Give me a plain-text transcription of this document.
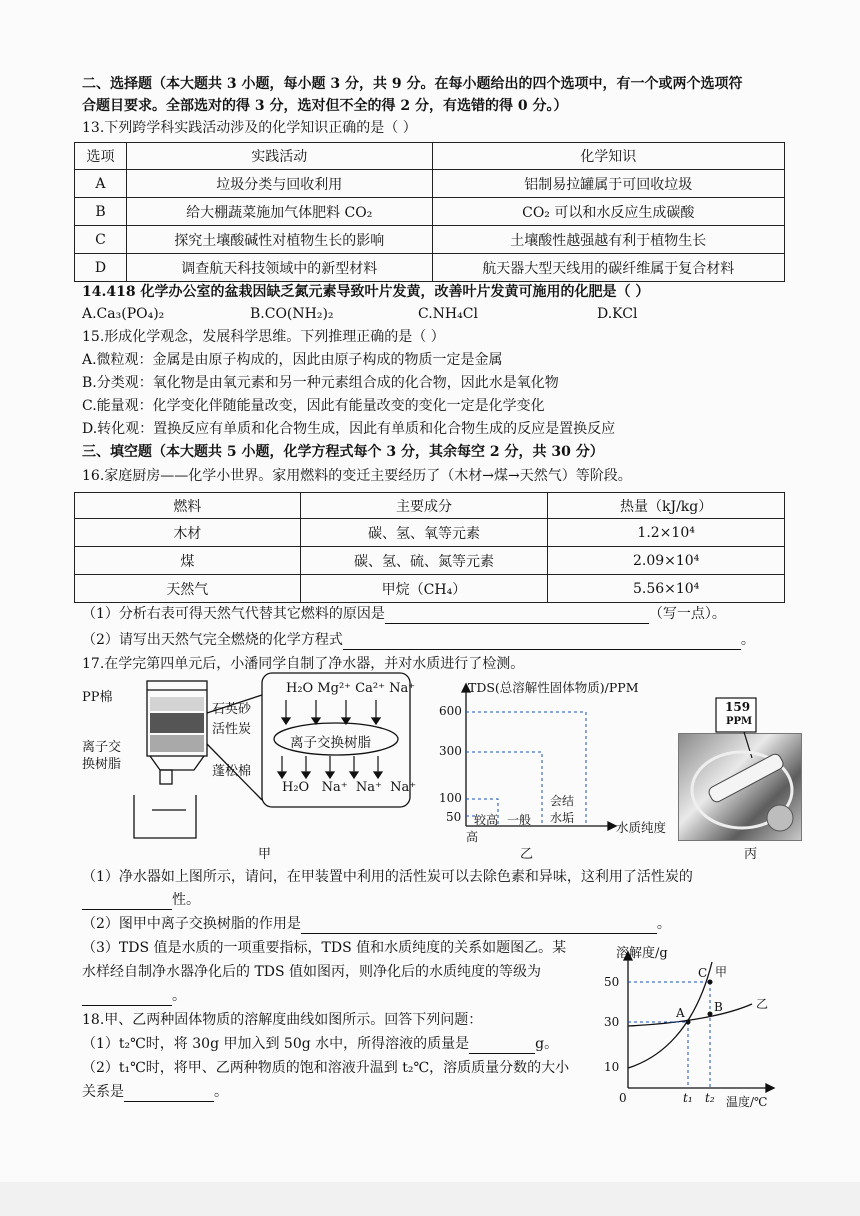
二、选择题（本大题共 3 小题，每小题 3 分，共 9 分。在每小题给出的四个选项中，有一个或两个选项符
合题目要求。全部选对的得 3 分，选对但不全的得 2 分，有选错的得 0 分。）
13.下列跨学科实践活动涉及的化学知识正确的是（ ）
选项	实践活动	化学知识
A	垃圾分类与回收利用	铝制易拉罐属于可回收垃圾
B	给大棚蔬菜施加气体肥料 CO₂	CO₂ 可以和水反应生成碳酸
C	探究土壤酸碱性对植物生长的影响	土壤酸性越强越有利于植物生长
D	调查航天科技领域中的新型材料	航天器大型天线用的碳纤维属于复合材料
14.418 化学办公室的盆栽因缺乏氮元素导致叶片发黄，改善叶片发黄可施用的化肥是（ ）
A.Ca₃(PO₄)₂	B.CO(NH₂)₂	C.NH₄Cl	D.KCl
15.形成化学观念，发展科学思维。下列推理正确的是（ ）
A.微粒观：金属是由原子构成的，因此由原子构成的物质一定是金属
B.分类观：氧化物是由氧元素和另一种元素组合成的化合物，因此水是氧化物
C.能量观：化学变化伴随能量改变，因此有能量改变的变化一定是化学变化
D.转化观：置换反应有单质和化合物生成，因此有单质和化合物生成的反应是置换反应
三、填空题（本大题共 5 小题，化学方程式每个 3 分，其余每空 2 分，共 30 分）
16.家庭厨房——化学小世界。家用燃料的变迁主要经历了（木材→煤→天然气）等阶段。
燃料	主要成分	热量（kJ/kg）
木材	碳、氢、氧等元素	1.2×10⁴
煤	碳、氢、硫、氮等元素	2.09×10⁴
天然气	甲烷（CH₄）	5.56×10⁴
（1）分析右表可得天然气代替其它燃料的原因是	（写一点）。
（2）请写出天然气完全燃烧的化学方程式	。
17.在学完第四单元后，小潘同学自制了净水器，并对水质进行了检测。
PP棉
石英砂
活性炭
离子交
换树脂	蓬松棉
H₂O Mg²⁺ Ca²⁺ Na⁺
离子交换树脂
H₂O   Na⁺  Na⁺  Na⁺
甲
TDS(总溶解性固体物质)/PPM
600
300
100
50 较高
高
一般
会结
水垢
水质纯度
乙
159
PPM
丙
（1）净水器如上图所示，请问，在甲装置中利用的活性炭可以去除色素和异味，这利用了活性炭的
性。
（2）图甲中离子交换树脂的作用是	。
（3）TDS 值是水质的一项重要指标，TDS 值和水质纯度的关系如题图乙。某
水样经自制净水器净化后的 TDS 值如图丙，则净化后的水质纯度的等级为
。
18.甲、乙两种固体物质的溶解度曲线如图所示。回答下列问题：
（1）t₂℃时，将 30g 甲加入到 50g 水中，所得溶液的质量是	g。
（2）t₁℃时，将甲、乙两种物质的饱和溶液升温到 t₂℃，溶质质量分数的大小
关系是	。
溶解度/g
50
30
10
0	t₁ t₂ 温度/℃
A B
C 甲
乙
